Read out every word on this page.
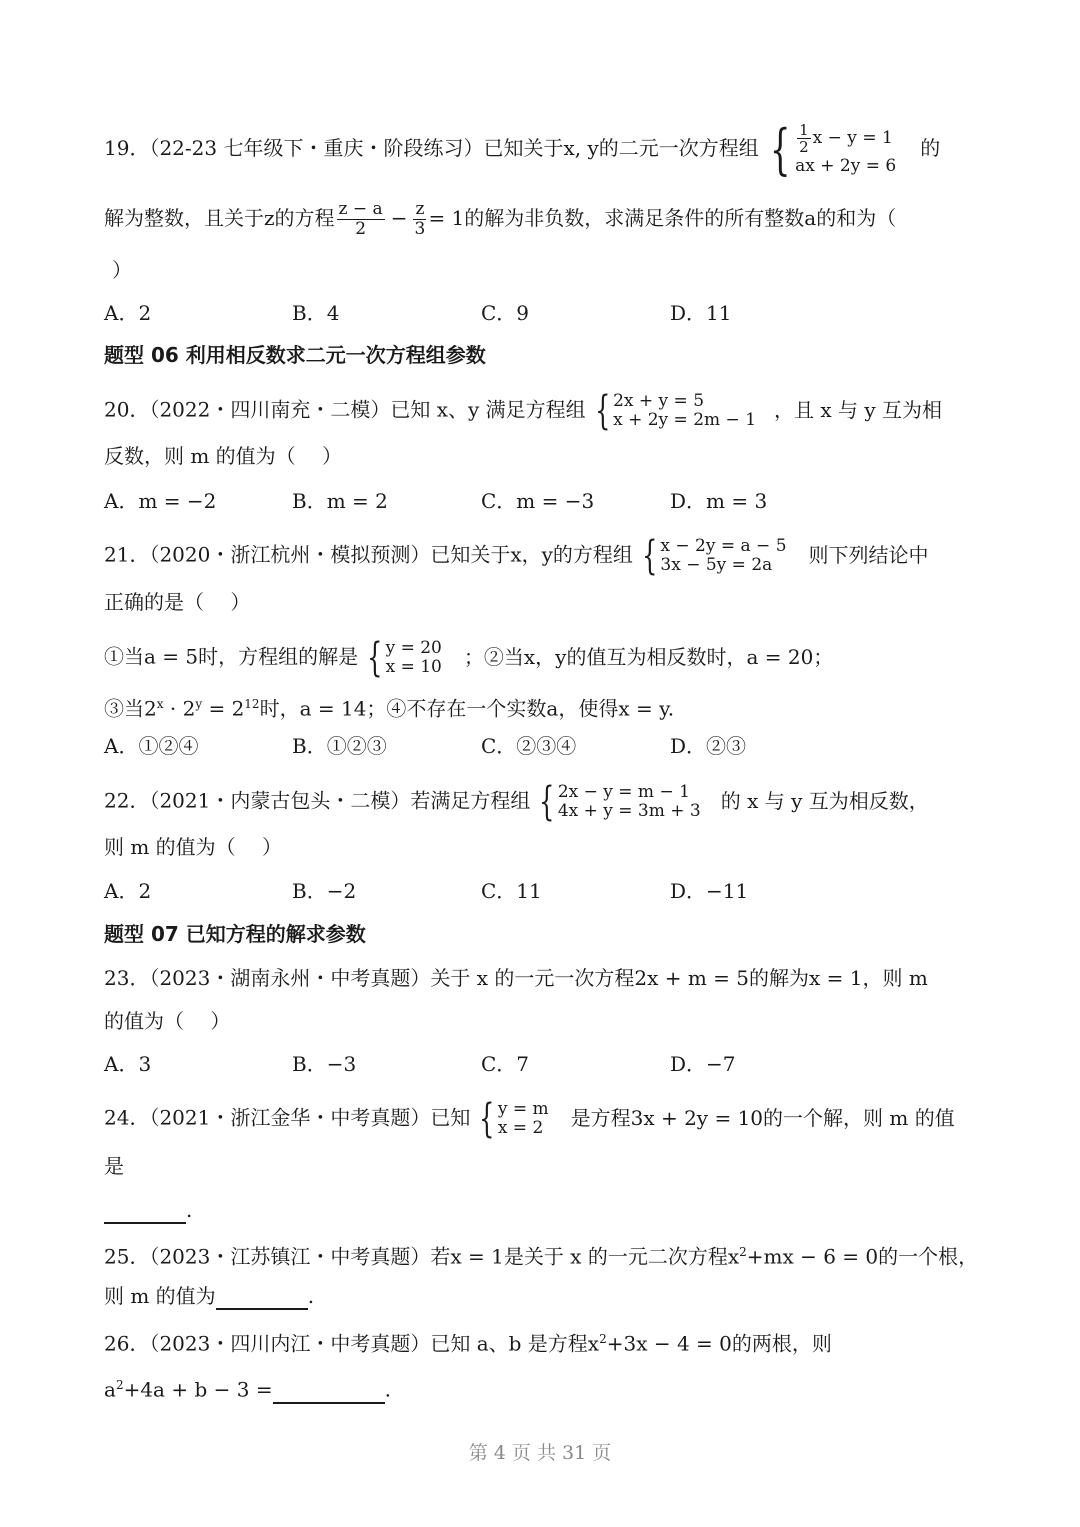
19．（22-23 七年级下・重庆・阶段练习）已知关于x, y的二元一次方程组 { $\frac{1}{2}$ x − y = 1
ax + 2y = 6
的
解为整数，且关于z的方程 $\frac{z - a}{2} - \frac{z}{3} = 1$的解为非负数，求满足条件的所有整数a的和为（
）
A．2	B．4	C．9	D．11
题型 06 利用相反数求二元一次方程组参数
20．（2022・四川南充・二模）已知 x、y 满足方程组 { 2x + y = 5
x + 2y = 2m − 1 ，且 x 与 y 互为相
反数，则 m 的值为（　 ）
A．m = −2	B．m = 2	C．m = −3	D．m = 3
21．（2020・浙江杭州・模拟预测）已知关于x，y的方程组 { x − 2y = a − 5
3x − 5y = 2a	则下列结论中
正确的是（　 ）
①当a = 5时，方程组的解是 { y = 20
x = 10 ；②当x，y的值互为相反数时，a = 20；
③当$2^x \cdot 2^y = 2^{12}$时，a = 14；④不存在一个实数a，使得x = y.
A．①②④	B．①②③	C．②③④	D．②③
22．（2021・内蒙古包头・二模）若满足方程组 { 2x − y = m − 1
4x + y = 3m + 3 的 x 与 y 互为相反数，
则 m 的值为（　 ）
A．2	B．−2	C．11	D．−11
题型 07 已知方程的解求参数
23．（2023・湖南永州・中考真题）关于 x 的一元一次方程2x + m = 5的解为x = 1，则 m
的值为（　 ）
A．3	B．−3	C．7	D．−7
24．（2021・浙江金华・中考真题）已知 { y = m
x = 2 是方程3x + 2y = 10的一个解，则 m 的值
是
.
25．（2023・江苏镇江・中考真题）若x = 1是关于 x 的一元二次方程$x^2+mx - 6 = 0$的一个根，
则 m 的值为	.
26．（2023・四川内江・中考真题）已知 a、b 是方程$x^2+3x - 4 = 0$的两根，则
$a^2+4a + b - 3$ =	.
第 4 页 共 31 页
